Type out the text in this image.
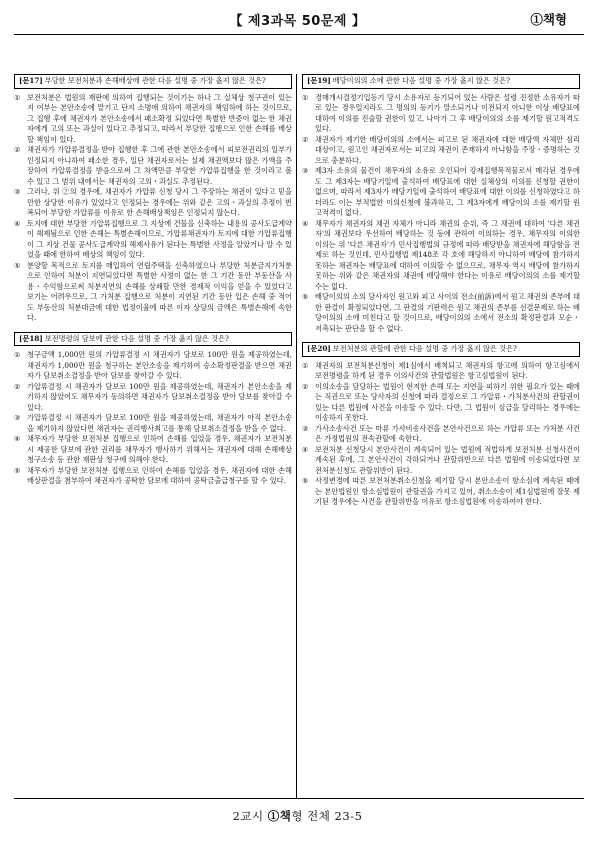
【 제3과목 50문제 】	①책형
[문17] 부당한 보전처분과 손해배상에 관한 다음 설명 중 가장 옳지 않은 것은?
① 보전처분은 법원의 재판에 의하여 집행되는 것이기는 하나 그 실체상 청구권이 있는지 여부는 본안소송에 맡기고 단지 소명에 의하여 채권자의 책임하에 하는 것이므로, 그 집행 후에 채권자가 본안소송에서 패소확정 되었다면 특별한 반증이 없는 한 채권자에게 고의 또는 과실이 있다고 추정되고, 따라서 부당한 집행으로 인한 손해를 배상할 책임이 있다.
② 채권자가 가압류결정을 받아 집행한 후 그에 관한 본안소송에서 피보전권리의 일부가 인정되지 아니하여 패소한 경우, 일단 채권자로서는 실제 채권액보다 많은 가액을 주장하여 가압류결정을 받음으로써 그 차액만큼 부당한 가압류집행을 한 것이라고 볼 수 있고 그 범위 내에서는 채권자의 고의・과실도 추정된다.
③ 그러나, 위 ②의 경우에, 채권자가 가압류 신청 당시 그 주장하는 채권이 있다고 믿을 만한 상당한 이유가 있었다고 인정되는 경우에는 위와 같은 고의・과실의 추정이 번복되어 부당한 가압류를 이유로 한 손해배상책임은 인정되지 않는다.
④ 토지에 대한 부당한 가압류집행으로 그 지상에 건물을 신축하는 내용의 공사도급계약이 해제됨으로 인한 손해는 특별손해이므로, 가압류채권자가 토지에 대한 가압류집행이 그 지상 건물 공사도급계약의 해제사유가 된다는 특별한 사정을 알았거나 알 수 있었을 때에 한하여 배상의 책임이 있다.
⑤ 분양할 목적으로 토지를 매입하여 연립주택을 신축하였으나 부당한 처분금지가처분으로 인하여 처분이 지연되었다면 특별한 사정이 없는 한 그 기간 동안 부동산을 사용・수익함으로써 처분지연의 손해를 상쇄할 만한 경제적 이익을 얻을 수 있었다고 보기는 어려우므로, 그 가처분 집행으로 처분이 지연된 기간 동안 입은 손해 중 적어도 부동산의 처분대금에 대한 법정이율에 따른 이자 상당의 금액은 특별손해에 속한다.
[문18] 보전명령의 담보에 관한 다음 설명 중 가장 옳지 않은 것은?
① 청구금액 1,000만 원의 가압류결정 시 채권자가 담보로 100만 원을 제공하였는데, 채권자가 1,000만 원을 청구하는 본안소송을 제기하여 승소확정판결을 받으면 채권자가 담보취소결정을 받아 담보를 찾아갈 수 있다.
② 가압류결정 시 채권자가 담보로 100만 원을 제공하였는데, 채권자가 본안소송을 제기하지 않았어도 채무자가 동의하면 채권자가 담보취소결정을 받아 담보를 찾아갈 수 있다.
③ 가압류결정 시 채권자가 담보로 100만 원을 제공하였는데, 채권자가 아직 본안소송을 제기하지 않았다면 채권자는 권리행사최고를 통해 담보취소결정을 받을 수 없다.
④ 채무자가 부당한 보전처분 집행으로 인하여 손해를 입었을 경우, 채권자가 보전처분 시 제공한 담보에 관한 권리를 채무자가 행사하기 위해서는 채권자에 대해 손해배상청구소송 등 관한 재판상 청구에 의해야 한다.
⑤ 채무자가 부당한 보전처분 집행으로 인하여 손해를 입었을 경우, 채권자에 대한 손해배상판결을 첨부하여 채권자가 공탁한 담보에 대하여 공탁금출급청구를 할 수 있다.
[문19] 배당이의의 소에 관한 다음 설명 중 가장 옳지 않은 것은?
① 경매개시결정기입등기 당시 소유자로 등기되어 있는 사람은 설령 진정한 소유자가 따로 있는 경우일지라도 그 명의의 등기가 말소되거나 이전되지 아니한 이상 배당표에 대하여 이의를 진술할 권한이 있고, 나아가 그 후 배당이의의 소를 제기할 원고적격도 있다.
② 채권자가 제기한 배당이의의 소에서는 피고로 된 채권자에 대한 배당액 자체만 심리대상이고, 원고인 채권자로서는 피고의 채권이 존재하지 아니함을 주장・증명하는 것으로 충분하다.
③ 제3자 소유의 물건이 채무자의 소유로 오인되어 강제집행목적물로서 매각된 경우에도 그 제3자는 배당기일에 출석하여 배당표에 대한 실체상의 이의를 신청할 권한이 없으며, 따라서 제3자가 배당기일에 출석하여 배당표에 대한 이의를 신청하였다고 하더라도 이는 부적법한 이의신청에 불과하고, 그 제3자에게 배당이의 소를 제기할 원고적격이 없다.
④ 채무자가 채권자의 채권 자체가 아니라 채권의 순위, 즉 그 채권에 대하여 '다른 채권자'의 채권보다 우선하여 배당하는 것 등에 관하여 이의하는 경우, 채무자의 이의한 이의는 위 '다른 채권자'가 민사집행법의 규정에 따라 배당받을 채권자에 해당함을 전제로 하는 것인데, 민사집행법 제148조 각 호에 해당하지 아니하여 배당에 참가하지 못하는 채권자는 배당표에 대하여 이의할 수 없으므로, 채무자 역시 배당에 참가하지 못하는 위와 같은 채권자의 채권에 배당해야 한다는 이유로 배당이의의 소를 제기할 수는 없다.
⑤ 배당이의의 소의 당사자인 원고와 피고 사이의 전소(前訴)에서 원고 채권의 존부에 대한 판결이 확정되었다면, 그 판결의 기판력은 원고 채권의 존부를 선결문제로 하는 배당이의의 소에 미친다고 할 것이므로, 배당이의의 소에서 전소의 확정판결과 모순・저촉되는 판단을 할 수 없다.
[문20] 보전처분의 관할에 관한 다음 설명 중 가장 옳지 않은 것은?
① 채권자의 보전처분신청이 제1심에서 배척되고 채권자의 항고에 의하여 항고심에서 보전명령을 하게 된 경우 이의사건의 관할법원은 항고심법원이 된다.
② 이의소송을 담당하는 법원이 현저한 손해 또는 지연을 피하기 위한 필요가 있는 때에는 직권으로 또는 당사자의 신청에 따라 결정으로 그 가압류・가처분사건의 관할권이 있는 다른 법원에 사건을 이송할 수 있다. 다만, 그 법원이 심급을 달리하는 경우에는 이송하지 못한다.
③ 가사소송사건 또는 마류 가사비송사건을 본안사건으로 하는 가압류 또는 가처분 사건은 가정법원의 전속관할에 속한다.
④ 보전처분 신청당시 본안사건이 계속되어 있는 법원에 적법하게 보전처분 신청사건이 계속된 후에, 그 본안사건이 각하되거나 관할위반으로 다른 법원에 이송되었다면 보전처분신청도 관할위반이 된다.
⑤ 사정변경에 따른 보전처분취소신청을 제기할 당시 본안소송이 항소심에 계속된 때에는 본안법원인 항소심법원이 관할권을 가지고 있어, 취소소송이 제1심법원에 잘못 제기된 경우에는 사건을 관할위반을 이유로 항소심법원에 이송하여야 한다.
2교시 ①책형 전체 23-5
